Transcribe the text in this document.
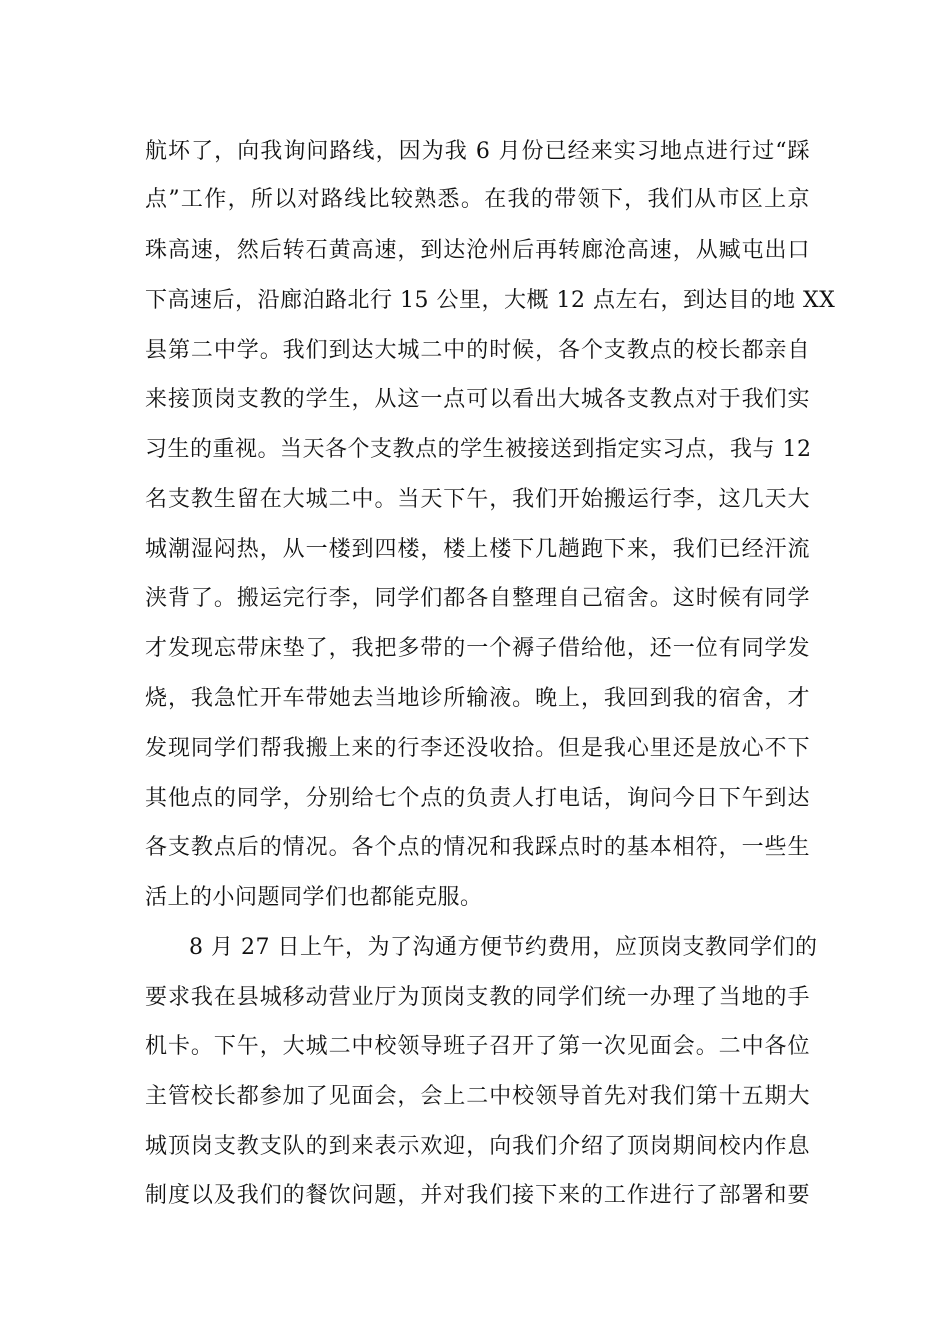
航坏了，向我询问路线，因为我 6 月份已经来实习地点进行过“踩
点”工作，所以对路线比较熟悉。在我的带领下，我们从市区上京
珠高速，然后转石黄高速，到达沧州后再转廊沧高速，从臧屯出口
下高速后，沿廊泊路北行 15 公里，大概 12 点左右，到达目的地 XX
县第二中学。我们到达大城二中的时候，各个支教点的校长都亲自
来接顶岗支教的学生，从这一点可以看出大城各支教点对于我们实
习生的重视。当天各个支教点的学生被接送到指定实习点，我与 12
名支教生留在大城二中。当天下午，我们开始搬运行李，这几天大
城潮湿闷热，从一楼到四楼，楼上楼下几趟跑下来，我们已经汗流
浃背了。搬运完行李，同学们都各自整理自己宿舍。这时候有同学
才发现忘带床垫了，我把多带的一个褥子借给他，还一位有同学发
烧，我急忙开车带她去当地诊所输液。晚上，我回到我的宿舍，才
发现同学们帮我搬上来的行李还没收拾。但是我心里还是放心不下
其他点的同学，分别给七个点的负责人打电话，询问今日下午到达
各支教点后的情况。各个点的情况和我踩点时的基本相符，一些生
活上的小问题同学们也都能克服。
8 月 27 日上午，为了沟通方便节约费用，应顶岗支教同学们的
要求我在县城移动营业厅为顶岗支教的同学们统一办理了当地的手
机卡。下午，大城二中校领导班子召开了第一次见面会。二中各位
主管校长都参加了见面会，会上二中校领导首先对我们第十五期大
城顶岗支教支队的到来表示欢迎，向我们介绍了顶岗期间校内作息
制度以及我们的餐饮问题，并对我们接下来的工作进行了部署和要
